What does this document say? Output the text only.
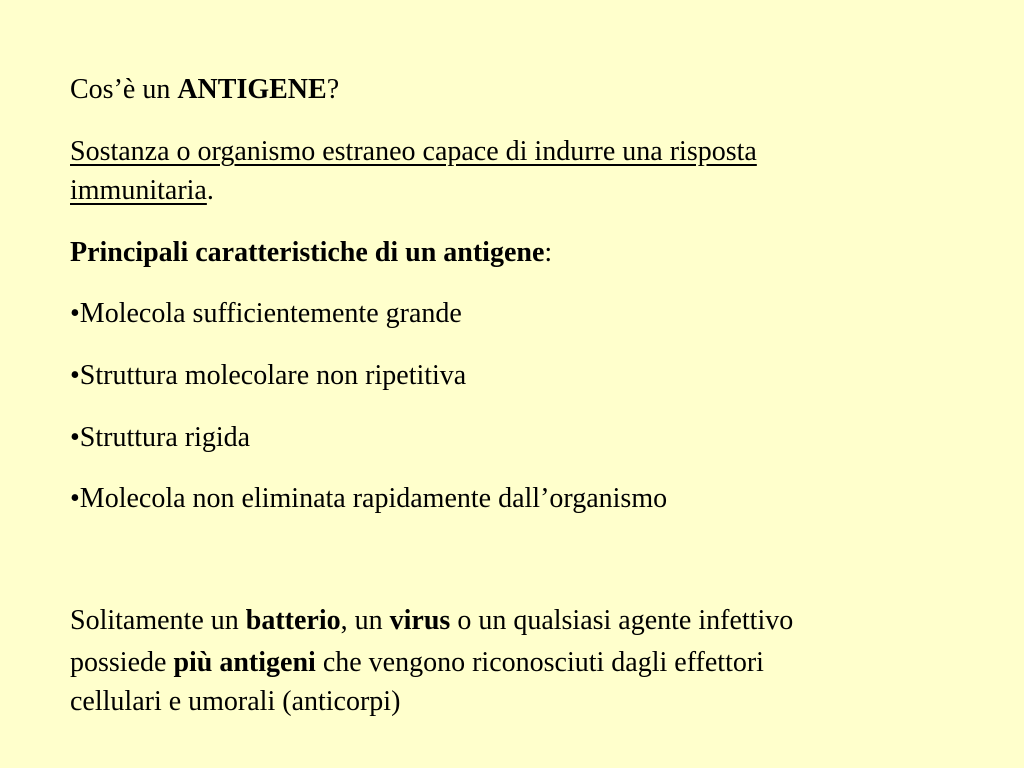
Cos’è un ANTIGENE?

Sostanza o organismo estraneo capace di indurre una risposta

immunitaria.

Principali caratteristiche di un antigene:

•Molecola sufficientemente grande

•Struttura molecolare non ripetitiva

•Struttura rigida

•Molecola non eliminata rapidamente dall’organismo

Solitamente un batterio, un virus o un qualsiasi agente infettivo

possiede più antigeni che vengono riconosciuti dagli effettori

cellulari e umorali (anticorpi)
